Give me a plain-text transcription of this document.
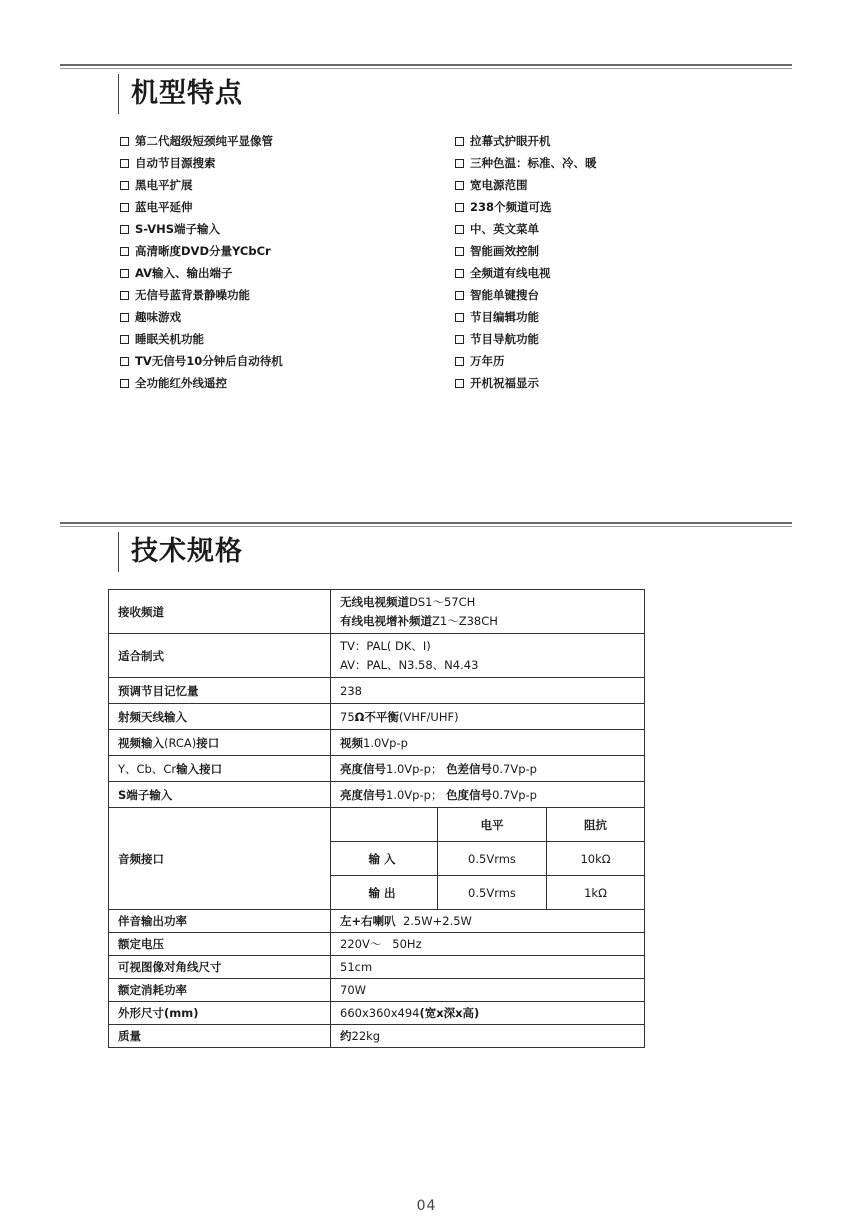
机型特点
第二代超级短颈纯平显像管
自动节目源搜索
黑电平扩展
蓝电平延伸
S-VHS端子输入
高清晰度DVD分量YCbCr
AV输入、输出端子
无信号蓝背景静噪功能
趣味游戏
睡眠关机功能
TV无信号10分钟后自动待机
全功能红外线遥控
拉幕式护眼开机
三种色温：标准、冷、暖
宽电源范围
238个频道可选
中、英文菜单
智能画效控制
全频道有线电视
智能单键搜台
节目编辑功能
节目导航功能
万年历
开机祝福显示
技术规格
接收频道	无线电视频道DS1～57CH
有线电视增补频道Z1～Z38CH		

适合制式	TV：PAL( DK、I)
AV：PAL、N3.58、N4.43		

预调节目记忆量	238		
射频天线输入	75Ω不平衡(VHF/UHF)		
视频输入(RCA)接口	视频1.0Vp-p		
Y、Cb、Cr输入接口	亮度信号1.0Vp-p； 色差信号0.7Vp-p		
S端子输入	亮度信号1.0Vp-p； 色度信号0.7Vp-p		
音频接口		电平	阻抗
	输入	0.5Vrms	10kΩ
	输出	0.5Vrms	1kΩ
伴音输出功率	左+右喇叭 2.5W+2.5W		
额定电压	220V～   50Hz		
可视图像对角线尺寸	51cm		
额定消耗功率	70W		
外形尺寸(mm)	660x360x494(宽x深x高)		
质量	约22kg		
04
